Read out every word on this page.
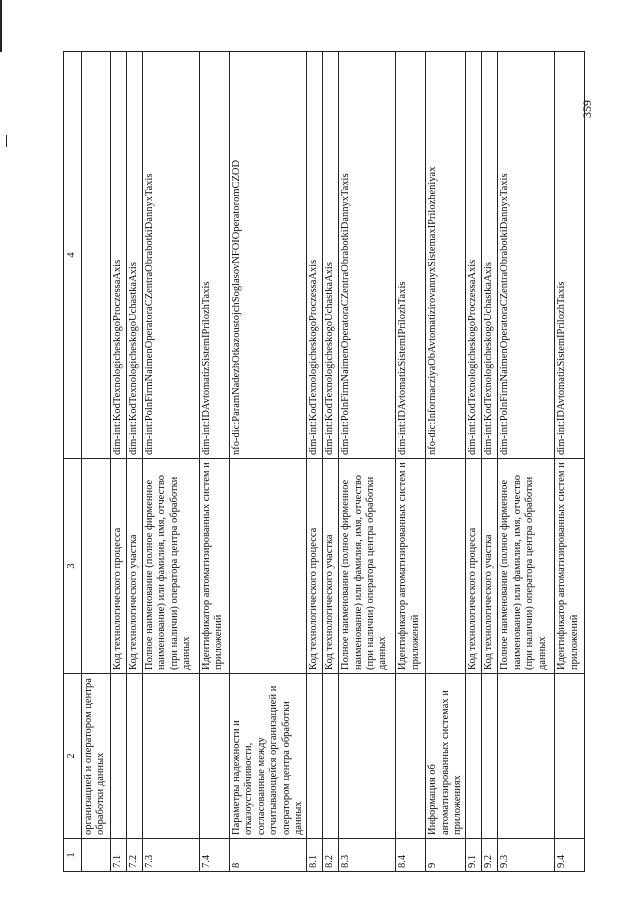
359
1	2	3	4
	организацией и оператором центра обработки данных		
7.1		Код технологического процесса	dim-int:KodTexnologicheskogoProczessaAxis
7.2		Код технологического участка	dim-int:KodTexnologicheskogoUchastkaAxis
7.3		Полное наименование (полное фирменное наименование) или фамилия, имя, отчество (при наличии) оператора центра обработки данных	dim-int:PolnFirmNaimenOperatoraCZentraObrabotkiDannyxTaxis
7.4		Идентификатор автоматизированных систем и приложений	dim-int:IDAvtomatizSistemIPrilozhTaxis
8	Параметры надежности и отказоустойчивости, согласованные между отчитывающейся организацией и оператором центра обработки данных		nfo-dic:ParamNadezhOtkazoustojchSoglasovNFOIOperatoromCZOD
8.1		Код технологического процесса	dim-int:KodTexnologicheskogoProczessaAxis
8.2		Код технологического участка	dim-int:KodTexnologicheskogoUchastkaAxis
8.3		Полное наименование (полное фирменное наименование) или фамилия, имя, отчество (при наличии) оператора центра обработки данных	dim-int:PolnFirmNaimenOperatoraCZentraObrabotkiDannyxTaxis
8.4		Идентификатор автоматизированных систем и приложений	dim-int:IDAvtomatizSistemIPrilozhTaxis
9	Информация об автоматизированных системах и приложениях		nfo-dic:InformacziyaObAvtomatizirovannyxSistemaxIPrilozheniyax
9.1		Код технологического процесса	dim-int:KodTexnologicheskogoProczessaAxis
9.2		Код технологического участка	dim-int:KodTexnologicheskogoUchastkaAxis
9.3		Полное наименование (полное фирменное наименование) или фамилия, имя, отчество (при наличии) оператора центра обработки данных	dim-int:PolnFirmNaimenOperatoraCZentraObrabotkiDannyxTaxis
9.4		Идентификатор автоматизированных систем и приложений	dim-int:IDAvtomatizSistemIPrilozhTaxis
